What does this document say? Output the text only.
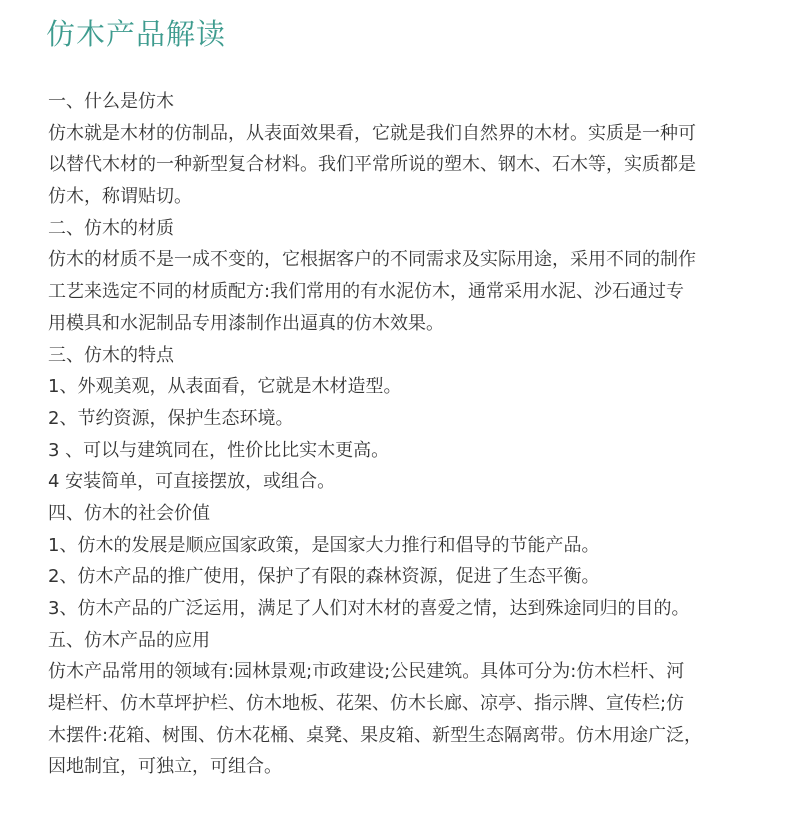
仿木产品解读
一、什么是仿木
仿木就是木材的仿制品，从表面效果看，它就是我们自然界的木材。实质是一种可
以替代木材的一种新型复合材料。我们平常所说的塑木、钢木、石木等，实质都是
仿木，称谓贴切。
二、仿木的材质
仿木的材质不是一成不变的，它根据客户的不同需求及实际用途，采用不同的制作
工艺来选定不同的材质配方:我们常用的有水泥仿木，通常采用水泥、沙石通过专
用模具和水泥制品专用漆制作出逼真的仿木效果。
三、仿木的特点
1、外观美观，从表面看，它就是木材造型。
2、节约资源，保护生态环境。
3 、可以与建筑同在，性价比比实木更高。
4 安装简单，可直接摆放，或组合。
四、仿木的社会价值
1、仿木的发展是顺应国家政策，是国家大力推行和倡导的节能产品。
2、仿木产品的推广使用，保护了有限的森林资源，促进了生态平衡。
3、仿木产品的广泛运用，满足了人们对木材的喜爱之情，达到殊途同归的目的。
五、仿木产品的应用
仿木产品常用的领域有:园林景观;市政建设;公民建筑。具体可分为:仿木栏杆、河
堤栏杆、仿木草坪护栏、仿木地板、花架、仿木长廊、凉亭、指示牌、宣传栏;仿
木摆件:花箱、树围、仿木花桶、桌凳、果皮箱、新型生态隔离带。仿木用途广泛，
因地制宜，可独立，可组合。
